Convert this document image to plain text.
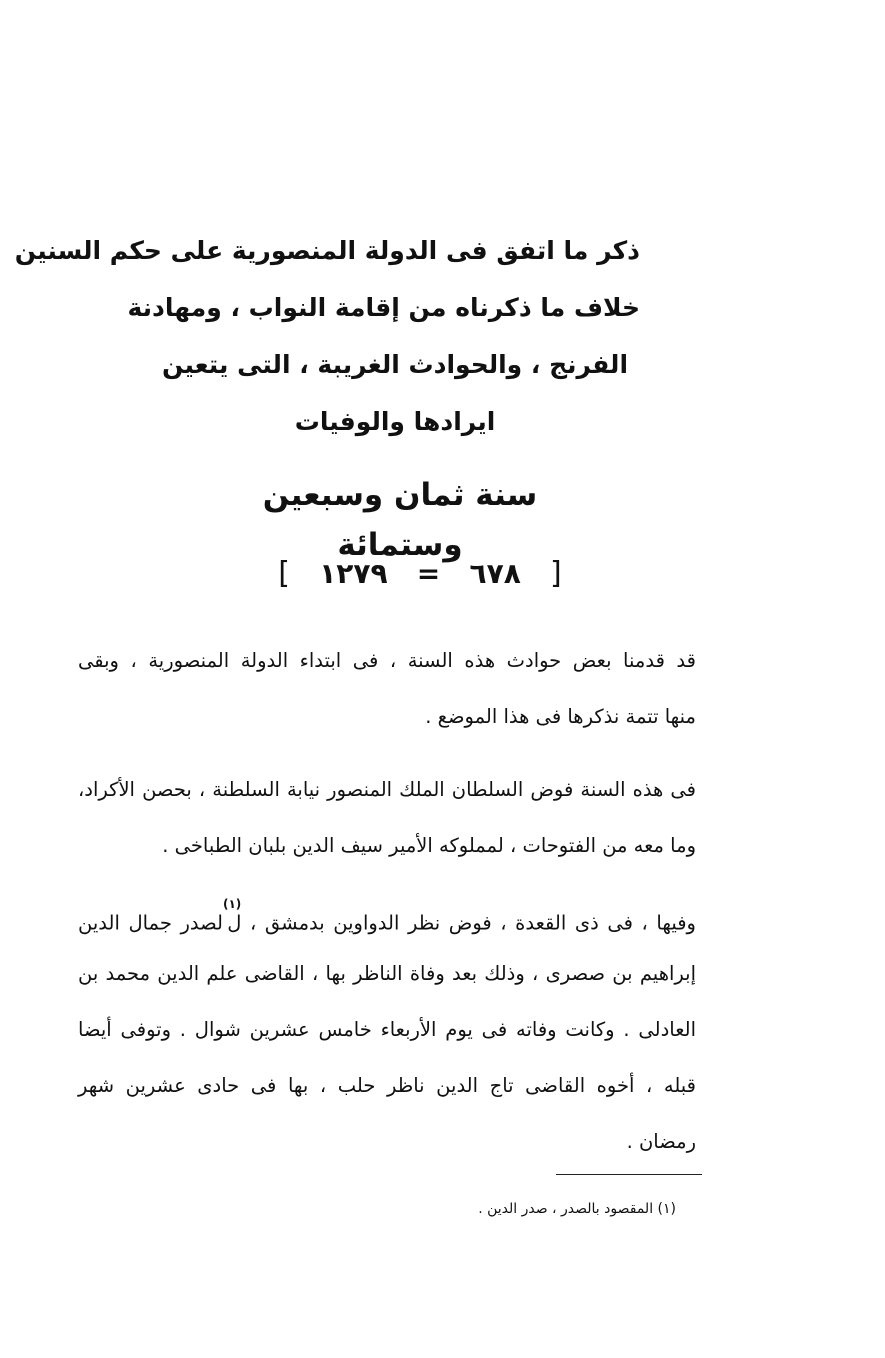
ذكر ما اتفق فى الدولة المنصورية على حكم السنين
خلاف ما ذكرناه من إقامة النواب ، ومهادنة
الفرنج ، والحوادث الغريبة ، التى يتعين
ايرادها والوفيات
سنة ثمان وسبعين وستمائة
[ ١٢٧٩ = ٦٧٨ ]
قد قدمنا بعض حوادث هذه السنة ، فى ابتداء الدولة المنصورية ، وبقى
منها تتمة نذكرها فى هذا الموضع .
فى هذه السنة فوض السلطان الملك المنصور نيابة السلطنة ، بحصن الأكراد،
وما معه من الفتوحات ، لمملوكه الأمير سيف الدين بلبان الطباخى .
وفيها ، فى ذى القعدة ، فوض نظر الدواوين بدمشق ، ل$^{(١)}$لصدر جمال الدين
إبراهيم بن صصرى ، وذلك بعد وفاة الناظر بها ، القاضى علم الدين محمد بن
العادلى . وكانت وفاته فى يوم الأربعاء خامس عشرين شوال . وتوفى أيضا
قبله ، أخوه القاضى تاج الدين ناظر حلب ، بها فى حادى عشرين شهر
رمضان .
(١) المقصود بالصدر ، صدر الدين .
